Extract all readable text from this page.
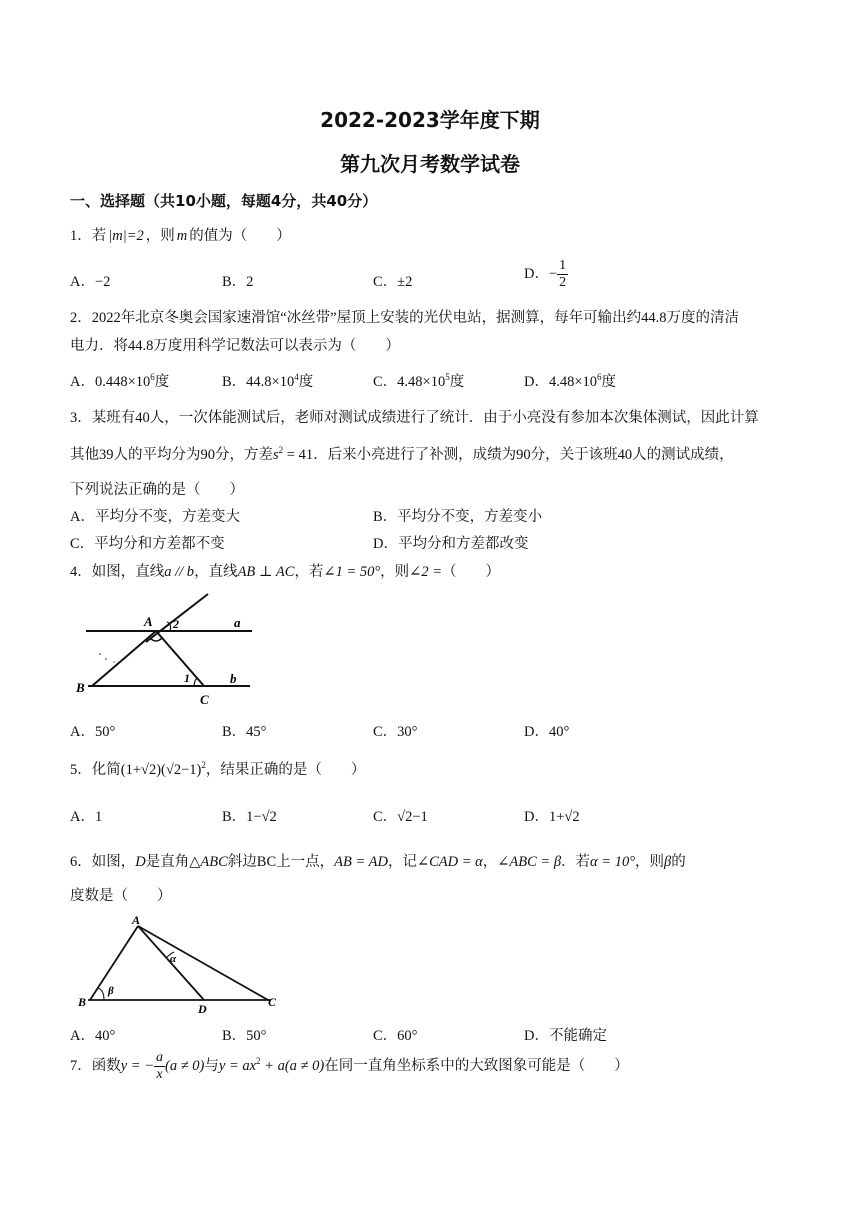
2022-2023学年度下期
第九次月考数学试卷
一、选择题（共10小题，每题4分，共40分）
1．若 |m|=2 ，则 m 的值为（　　）
A．−2	B．2	C．±2
D．− $\frac{1}{2}$
2．2022年北京冬奥会国家速滑馆“冰丝带”屋顶上安装的光伏电站，据测算，每年可输出约44.8万度的清洁
电力．将44.8万度用科学记数法可以表示为（　　）
A．$0.448\times 10^6$度	B．$44.8\times 10^4$度	C．$4.48\times 10^5$度	D．$4.48\times 10^6$度
3．某班有40人，一次体能测试后，老师对测试成绩进行了统计．由于小亮没有参加本次集体测试，因此计算
其他39人的平均分为90分，方差$s^2 = 41$．后来小亮进行了补测，成绩为90分，关于该班40人的测试成绩，
下列说法正确的是（　　）
A．平均分不变，方差变大	B．平均分不变，方差变小
C．平均分和方差都不变	D．平均分和方差都改变
4．如图，直线a // b，直线AB ⊥ AC，若∠1 = 50°，则∠2 =（　　）
A 2	a
B
1
C
b
A．50°	B．45°	C．30°	D．40°
5．化简$(1+√2)(√2-1)^2$，结果正确的是（　　）
A．1	B．1−√2	C．√2−1	D．1+√2
6．如图，D是直角△ABC斜边BC上一点，AB = AD，记∠CAD = α，∠ABC = β．若α = 10°，则β的
度数是（　　）
A
B	D	C
α
β
A．40°	B．50°	C．60°	D．不能确定
7．函数y = − $\frac{a}{x} (a \ne 0)$与$y = ax^2 + a(a \ne 0)$在同一直角坐标系中的大致图象可能是（　　）
